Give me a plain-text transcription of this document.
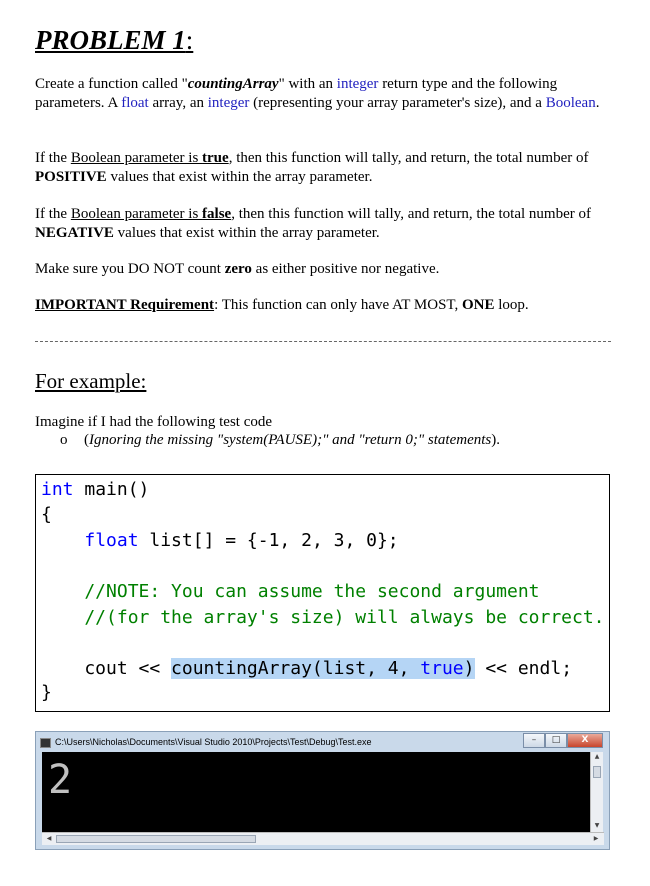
PROBLEM 1:
Create a function called "countingArray" with an integer return type and the following parameters. A float array, an integer (representing your array parameter's size), and a Boolean.
If the Boolean parameter is true, then this function will tally, and return, the total number of POSITIVE values that exist within the array parameter.
If the Boolean parameter is false, then this function will tally, and return, the total number of NEGATIVE values that exist within the array parameter.
Make sure you DO NOT count zero as either positive nor negative.
IMPORTANT Requirement: This function can only have AT MOST, ONE loop.
For example:
Imagine if I had the following test code
o (Ignoring the missing "system(PAUSE);" and "return 0;" statements).
int main()
{
float list[] = {-1, 2, 3, 0};
//NOTE: You can assume the second argument
//(for the array's size) will always be correct.
cout << countingArray(list, 4, true) << endl;
}
C:\Users\Nicholas\Documents\Visual Studio 2010\Projects\Test\Debug\Test.exe	–	□	X
2
▲
▼
◀	▶
